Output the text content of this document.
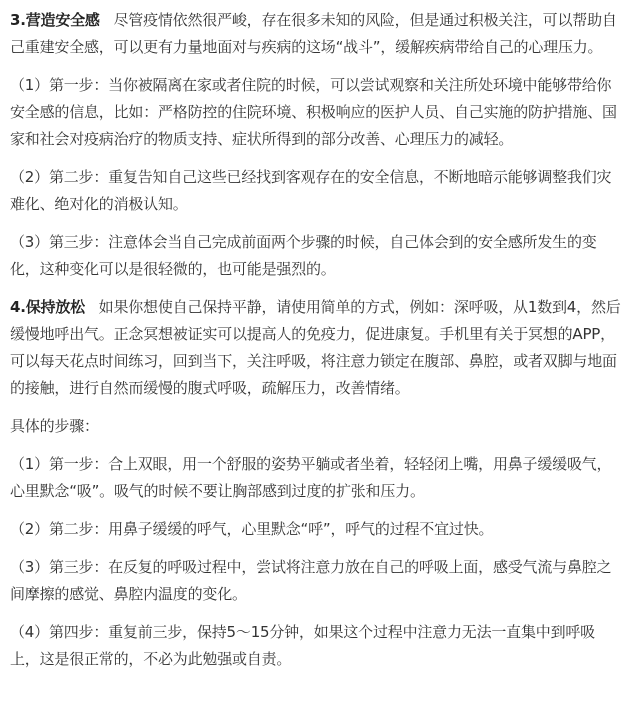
3.营造安全感 尽管疫情依然很严峻，存在很多未知的风险，但是通过积极关注，可以帮助自己重建安全感，可以更有力量地面对与疾病的这场“战斗”，缓解疾病带给自己的心理压力。

（1）第一步：当你被隔离在家或者住院的时候，可以尝试观察和关注所处环境中能够带给你安全感的信息，比如：严格防控的住院环境、积极响应的医护人员、自己实施的防护措施、国家和社会对疫病治疗的物质支持、症状所得到的部分改善、心理压力的减轻。

（2）第二步：重复告知自己这些已经找到客观存在的安全信息，不断地暗示能够调整我们灾难化、绝对化的消极认知。

（3）第三步：注意体会当自己完成前面两个步骤的时候，自己体会到的安全感所发生的变化，这种变化可以是很轻微的，也可能是强烈的。

4.保持放松 如果你想使自己保持平静，请使用简单的方式，例如：深呼吸，从1数到4，然后缓慢地呼出气。正念冥想被证实可以提高人的免疫力，促进康复。手机里有关于冥想的APP，可以每天花点时间练习，回到当下，关注呼吸，将注意力锁定在腹部、鼻腔，或者双脚与地面的接触，进行自然而缓慢的腹式呼吸，疏解压力，改善情绪。

具体的步骤：

（1）第一步：合上双眼，用一个舒服的姿势平躺或者坐着，轻轻闭上嘴，用鼻子缓缓吸气，心里默念“吸”。吸气的时候不要让胸部感到过度的扩张和压力。

（2）第二步：用鼻子缓缓的呼气，心里默念“呼”，呼气的过程不宜过快。

（3）第三步：在反复的呼吸过程中，尝试将注意力放在自己的呼吸上面，感受气流与鼻腔之间摩擦的感觉、鼻腔内温度的变化。

（4）第四步：重复前三步，保持5～15分钟，如果这个过程中注意力无法一直集中到呼吸上，这是很正常的，不必为此勉强或自责。
